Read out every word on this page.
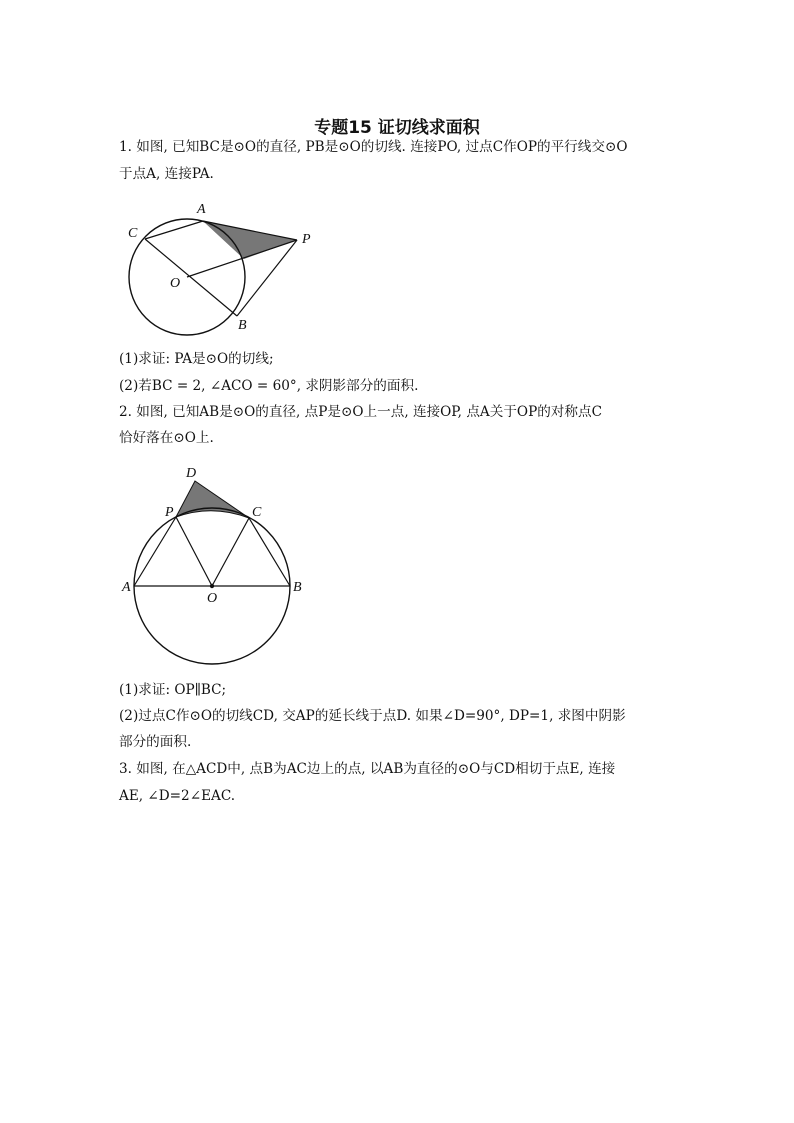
专题15 证切线求面积
1. 如图, 已知BC是⊙O的直径, PB是⊙O的切线. 连接PO, 过点C作OP的平行线交⊙O
于点A, 连接PA.
A
C	P
O
B
(1)求证: PA是⊙O的切线;
(2)若BC = 2, ∠ACO = 60°, 求阴影部分的面积.
2. 如图, 已知AB是⊙O的直径, 点P是⊙O上一点, 连接OP, 点A关于OP的对称点C
恰好落在⊙O上.
D
P	C
A
O
B
(1)求证: OP∥BC;
(2)过点C作⊙O的切线CD, 交AP的延长线于点D. 如果∠D=90°, DP=1, 求图中阴影
部分的面积.
3. 如图, 在△ACD中, 点B为AC边上的点, 以AB为直径的⊙O与CD相切于点E, 连接
AE, ∠D=2∠EAC.
